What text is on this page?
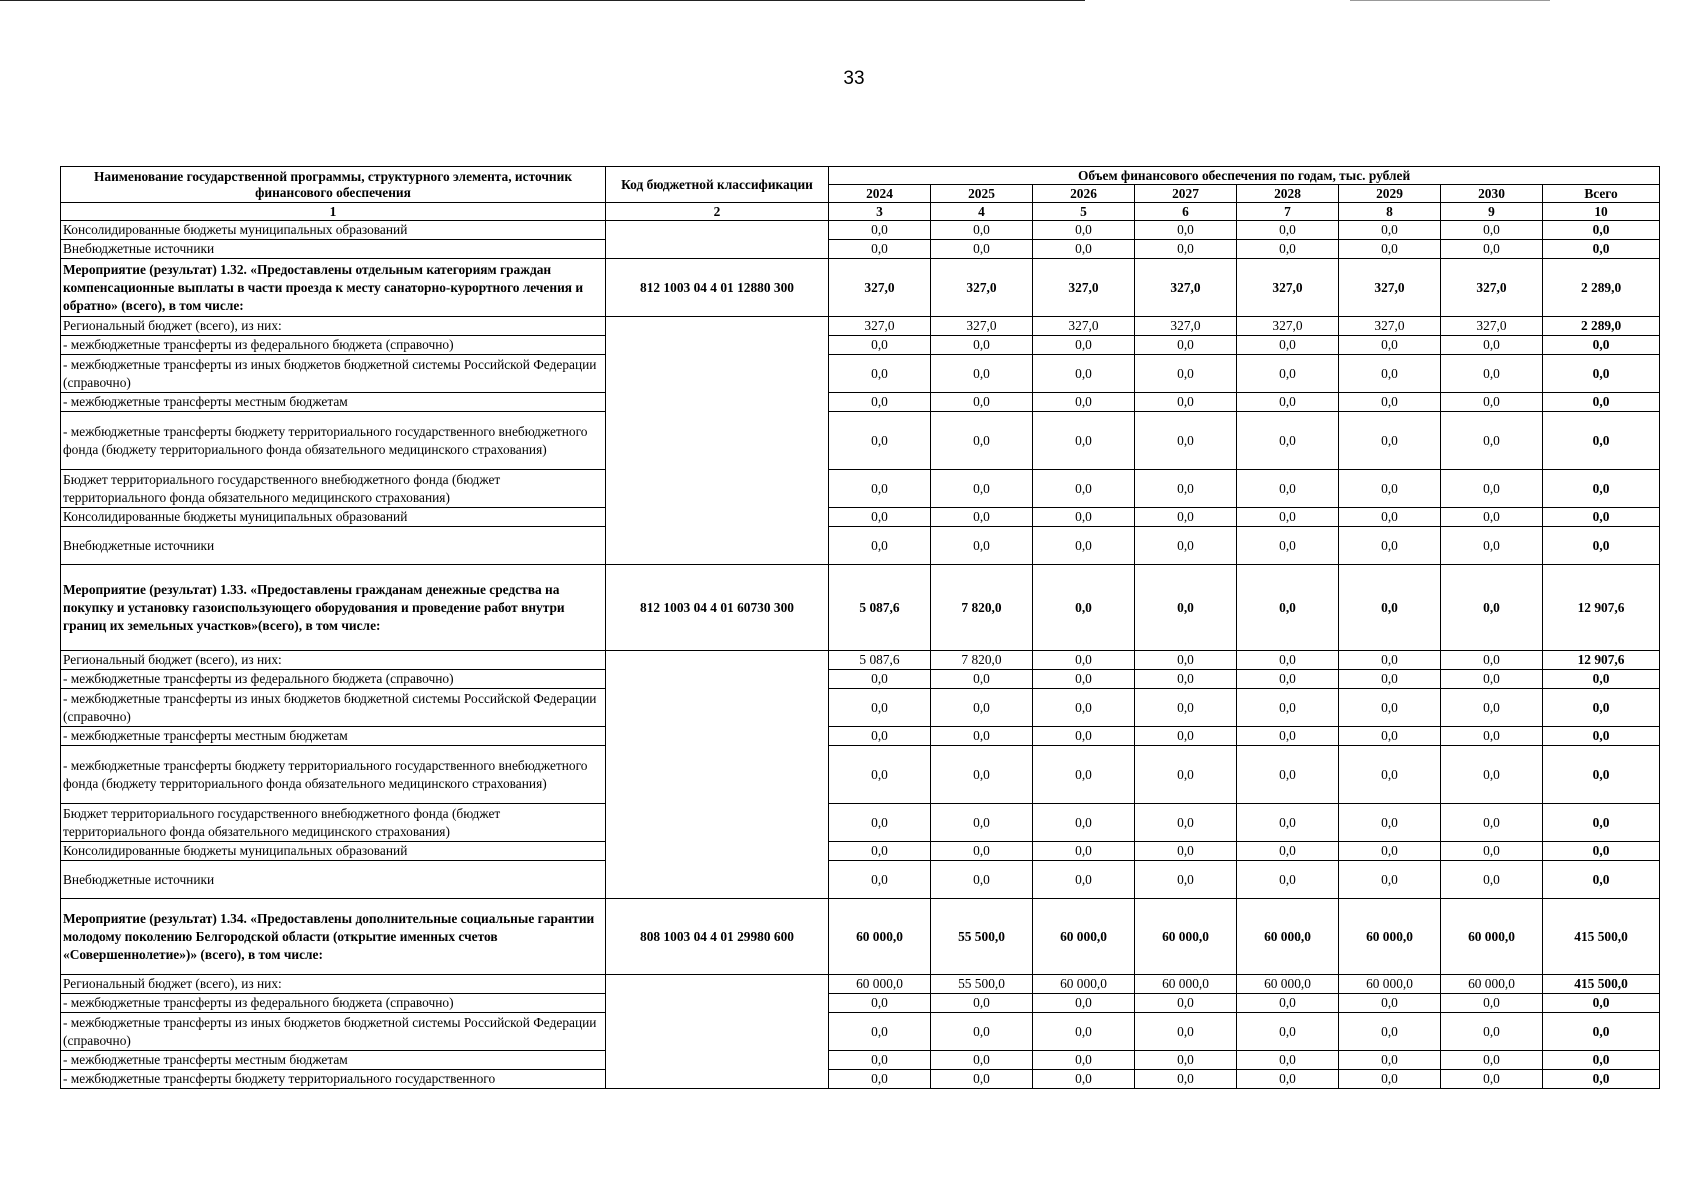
33
Наименование государственной программы, структурного элемента, источник финансового обеспечения	Код бюджетной классификации	Объем финансового обеспечения по годам, тыс. рублей							
		2024	2025	2026	2027	2028	2029	2030	Всего
1	2	3	4	5	6	7	8	9	10
Консолидированные бюджеты муниципальных образований		0,0	0,0	0,0	0,0	0,0	0,0	0,0	0,0
Внебюджетные источники		0,0	0,0	0,0	0,0	0,0	0,0	0,0	0,0
Мероприятие (результат) 1.32. «Предоставлены отдельным категориям граждан компенсационные выплаты в части проезда к месту санаторно-курортного лечения и обратно» (всего), в том числе:	812 1003 04 4 01 12880 300	327,0	327,0	327,0	327,0	327,0	327,0	327,0	2 289,0
Региональный бюджет (всего), из них:		327,0	327,0	327,0	327,0	327,0	327,0	327,0	2 289,0
- межбюджетные трансферты из федерального бюджета (справочно)		0,0	0,0	0,0	0,0	0,0	0,0	0,0	0,0
- межбюджетные трансферты из иных бюджетов бюджетной системы Российской Федерации (справочно)		0,0	0,0	0,0	0,0	0,0	0,0	0,0	0,0
- межбюджетные трансферты местным бюджетам		0,0	0,0	0,0	0,0	0,0	0,0	0,0	0,0
- межбюджетные трансферты бюджету территориального государственного внебюджетного фонда (бюджету территориального фонда обязательного медицинского страхования)		0,0	0,0	0,0	0,0	0,0	0,0	0,0	0,0
Бюджет территориального государственного внебюджетного фонда (бюджет территориального фонда обязательного медицинского страхования)		0,0	0,0	0,0	0,0	0,0	0,0	0,0	0,0
Консолидированные бюджеты муниципальных образований		0,0	0,0	0,0	0,0	0,0	0,0	0,0	0,0
Внебюджетные источники		0,0	0,0	0,0	0,0	0,0	0,0	0,0	0,0
Мероприятие (результат) 1.33. «Предоставлены гражданам денежные средства на покупку и установку газоиспользующего оборудования и проведение работ внутри границ их земельных участков»(всего), в том числе:	812 1003 04 4 01 60730 300	5 087,6	7 820,0	0,0	0,0	0,0	0,0	0,0	12 907,6
Региональный бюджет (всего), из них:		5 087,6	7 820,0	0,0	0,0	0,0	0,0	0,0	12 907,6
- межбюджетные трансферты из федерального бюджета (справочно)		0,0	0,0	0,0	0,0	0,0	0,0	0,0	0,0
- межбюджетные трансферты из иных бюджетов бюджетной системы Российской Федерации (справочно)		0,0	0,0	0,0	0,0	0,0	0,0	0,0	0,0
- межбюджетные трансферты местным бюджетам		0,0	0,0	0,0	0,0	0,0	0,0	0,0	0,0
- межбюджетные трансферты бюджету территориального государственного внебюджетного фонда (бюджету территориального фонда обязательного медицинского страхования)		0,0	0,0	0,0	0,0	0,0	0,0	0,0	0,0
Бюджет территориального государственного внебюджетного фонда (бюджет территориального фонда обязательного медицинского страхования)		0,0	0,0	0,0	0,0	0,0	0,0	0,0	0,0
Консолидированные бюджеты муниципальных образований		0,0	0,0	0,0	0,0	0,0	0,0	0,0	0,0
Внебюджетные источники		0,0	0,0	0,0	0,0	0,0	0,0	0,0	0,0
Мероприятие (результат) 1.34. «Предоставлены дополнительные социальные гарантии молодому поколению Белгородской области (открытие именных счетов «Совершеннолетие»)» (всего), в том числе:	808 1003 04 4 01 29980 600	60 000,0	55 500,0	60 000,0	60 000,0	60 000,0	60 000,0	60 000,0	415 500,0
Региональный бюджет (всего), из них:		60 000,0	55 500,0	60 000,0	60 000,0	60 000,0	60 000,0	60 000,0	415 500,0
- межбюджетные трансферты из федерального бюджета (справочно)		0,0	0,0	0,0	0,0	0,0	0,0	0,0	0,0
- межбюджетные трансферты из иных бюджетов бюджетной системы Российской Федерации (справочно)		0,0	0,0	0,0	0,0	0,0	0,0	0,0	0,0
- межбюджетные трансферты местным бюджетам		0,0	0,0	0,0	0,0	0,0	0,0	0,0	0,0
- межбюджетные трансферты бюджету территориального государственного		0,0	0,0	0,0	0,0	0,0	0,0	0,0	0,0
